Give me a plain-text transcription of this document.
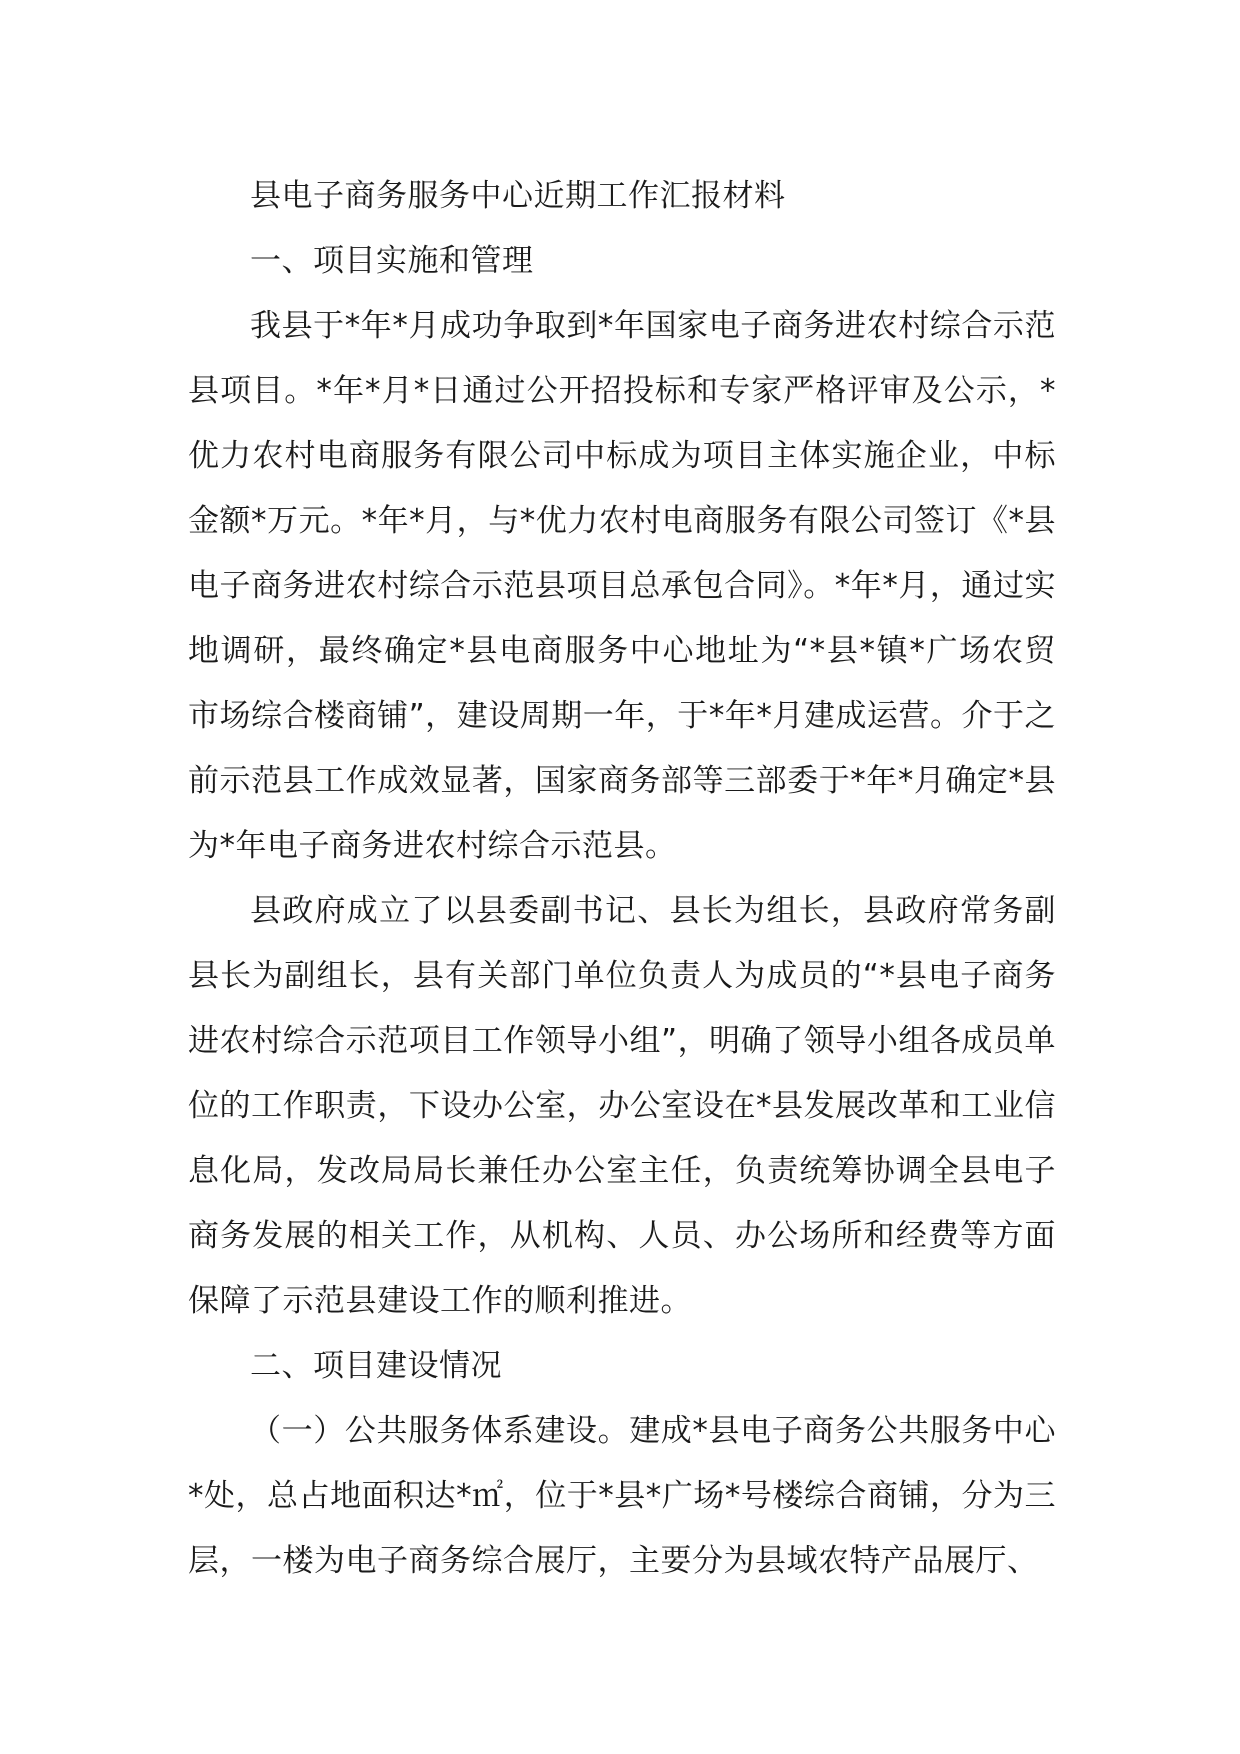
县电子商务服务中心近期工作汇报材料

一、项目实施和管理

我县于*年*月成功争取到*年国家电子商务进农村综合示范县项目。*年*月*日通过公开招投标和专家严格评审及公示，*优力农村电商服务有限公司中标成为项目主体实施企业，中标金额*万元。*年*月，与*优力农村电商服务有限公司签订《*县电子商务进农村综合示范县项目总承包合同》。*年*月，通过实地调研，最终确定*县电商服务中心地址为“*县*镇*广场农贸市场综合楼商铺”，建设周期一年，于*年*月建成运营。介于之前示范县工作成效显著，国家商务部等三部委于*年*月确定*县为*年电子商务进农村综合示范县。

县政府成立了以县委副书记、县长为组长，县政府常务副县长为副组长，县有关部门单位负责人为成员的“*县电子商务进农村综合示范项目工作领导小组”，明确了领导小组各成员单位的工作职责，下设办公室，办公室设在*县发展改革和工业信息化局，发改局局长兼任办公室主任，负责统筹协调全县电子商务发展的相关工作，从机构、人员、办公场所和经费等方面保障了示范县建设工作的顺利推进。

二、项目建设情况

（一）公共服务体系建设。建成*县电子商务公共服务中心*处，总占地面积达*㎡，位于*县*广场*号楼综合商铺，分为三层，一楼为电子商务综合展厅，主要分为县域农特产品展厅、
